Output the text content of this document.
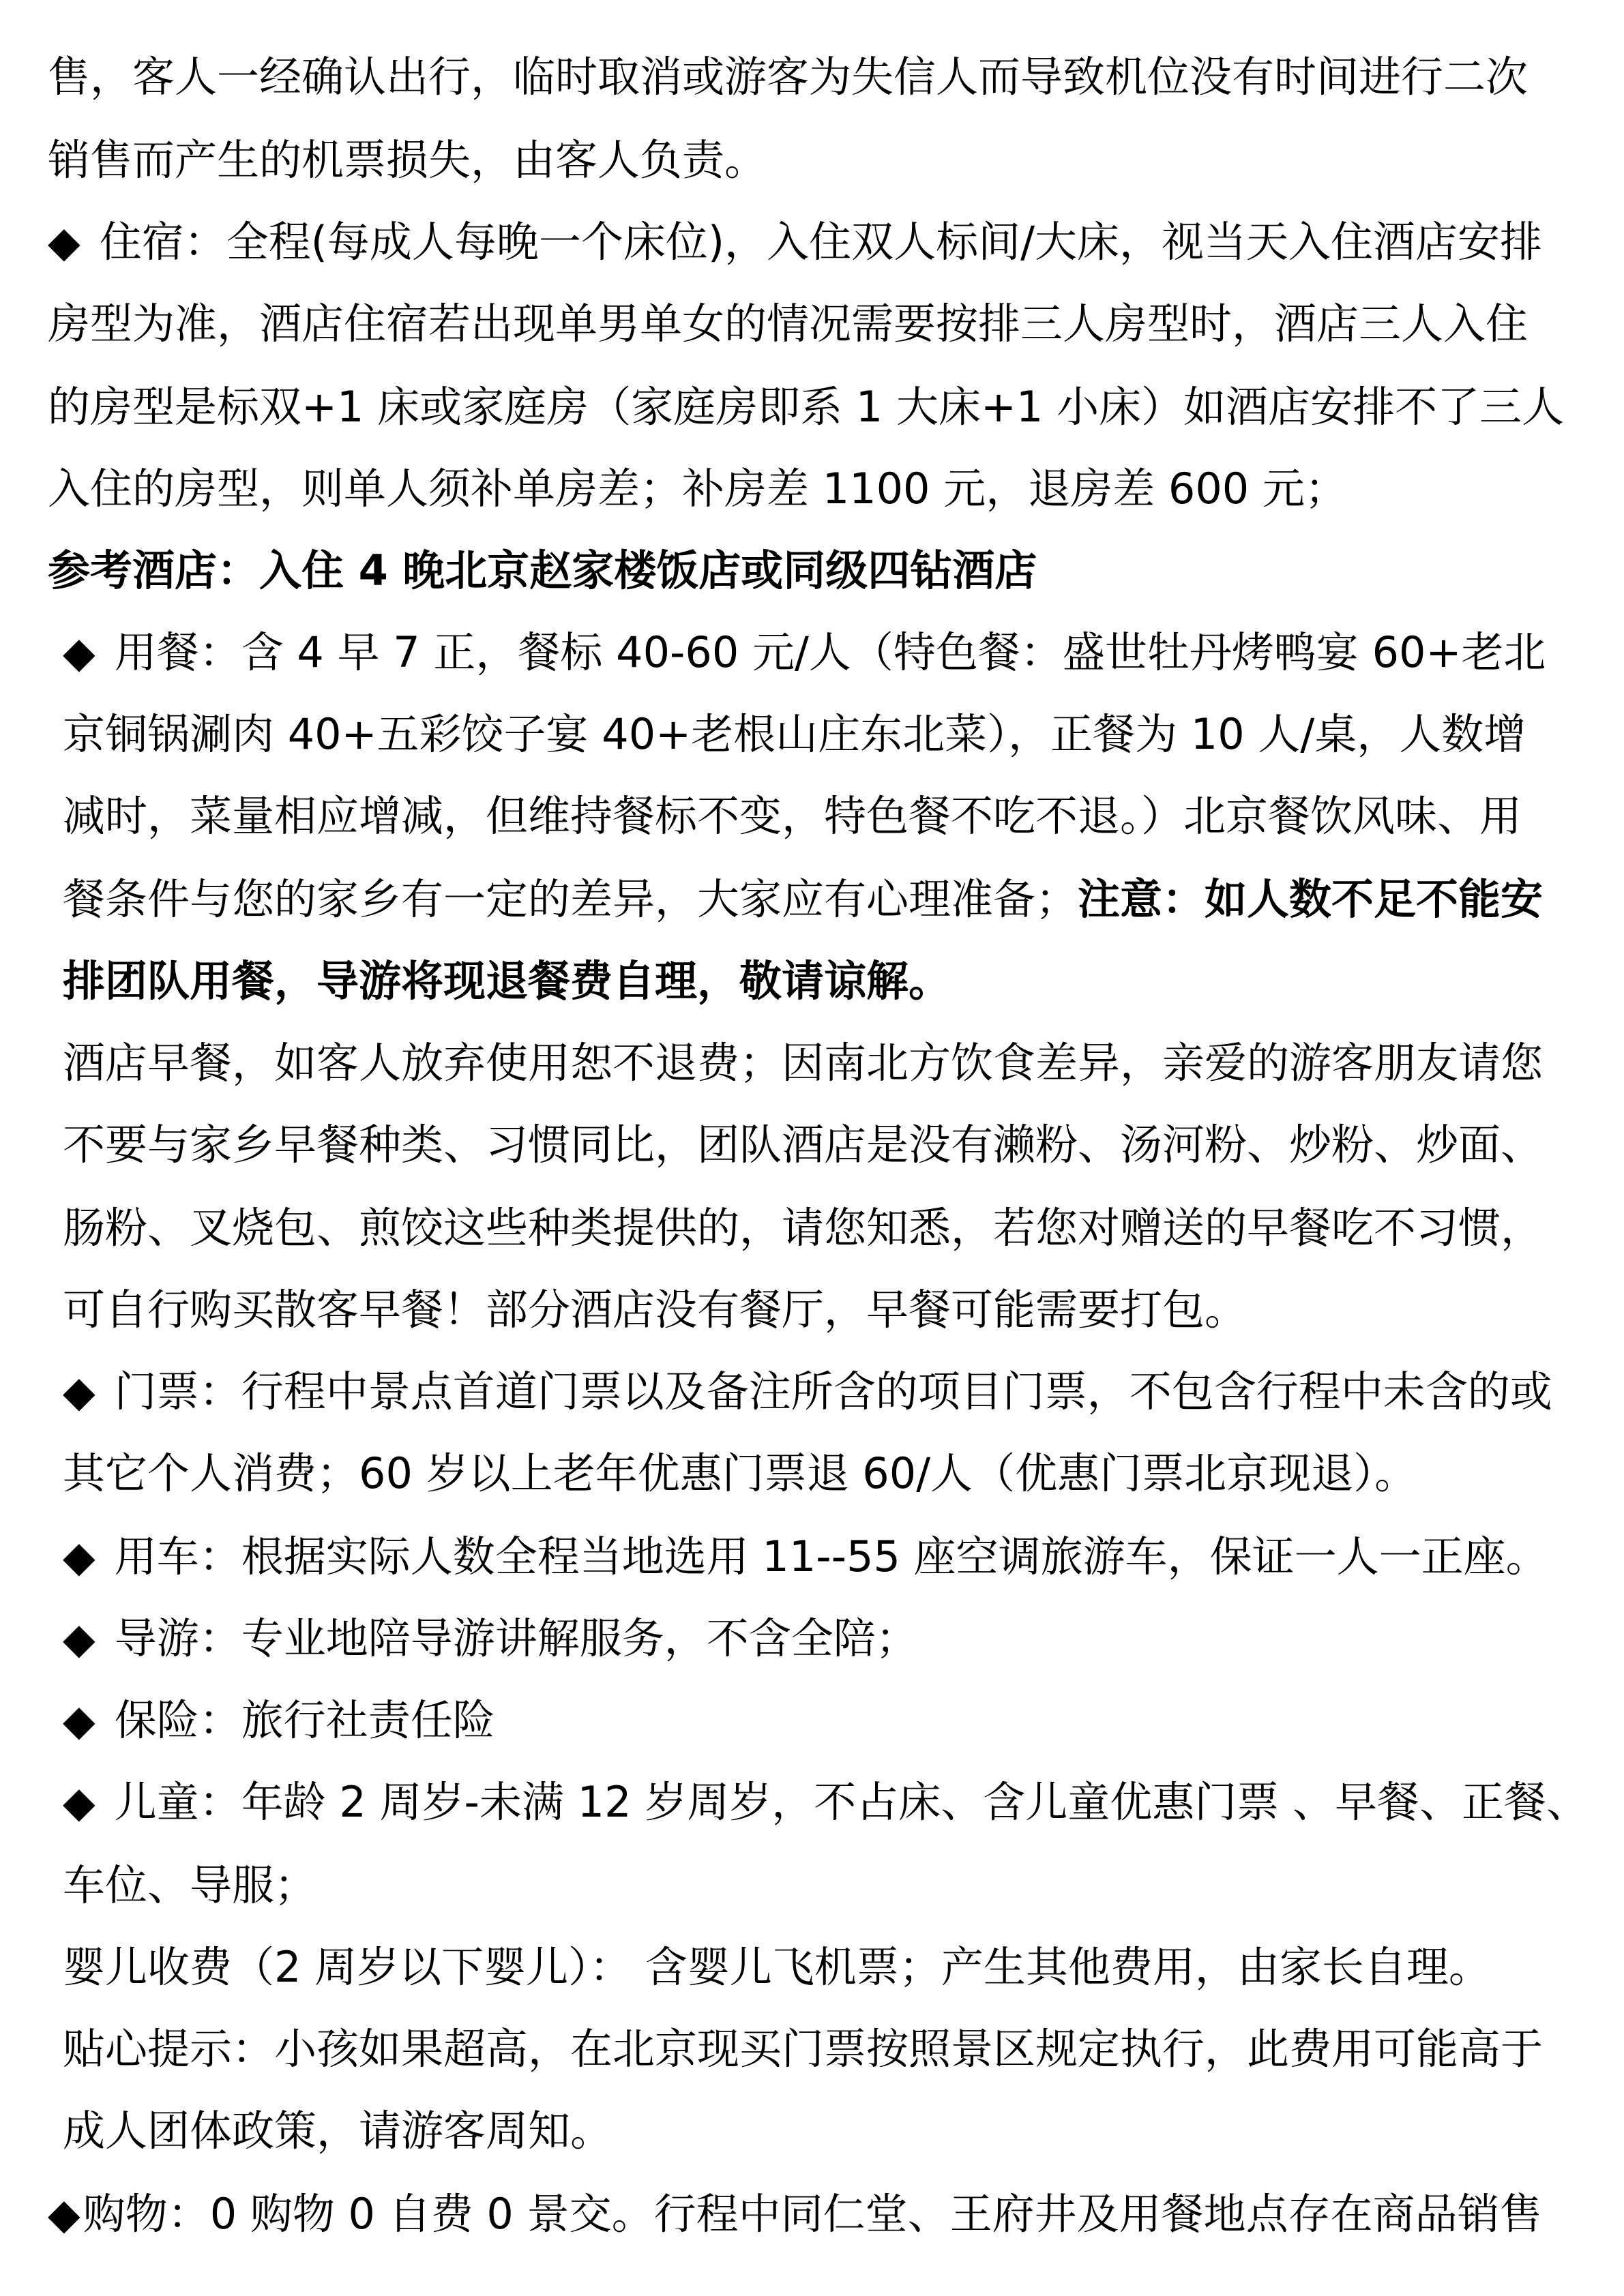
售，客人一经确认出行，临时取消或游客为失信人而导致机位没有时间进行二次
销售而产生的机票损失，由客人负责。
◆ 住宿：全程(每成人每晚一个床位)，入住双人标间/大床，视当天入住酒店安排
房型为准，酒店住宿若出现单男单女的情况需要按排三人房型时，酒店三人入住
的房型是标双+1 床或家庭房（家庭房即系 1 大床+1 小床）如酒店安排不了三人
入住的房型，则单人须补单房差；补房差 1100 元，退房差 600 元；
参考酒店：入住 4 晚北京赵家楼饭店或同级四钻酒店
◆ 用餐：含 4 早 7 正，餐标 40-60 元/人（特色餐：盛世牡丹烤鸭宴 60+老北
京铜锅涮肉 40+五彩饺子宴 40+老根山庄东北菜），正餐为 10 人/桌，人数增
减时，菜量相应增减，但维持餐标不变，特色餐不吃不退。）北京餐饮风味、用
餐条件与您的家乡有一定的差异，大家应有心理准备；注意：如人数不足不能安
排团队用餐，导游将现退餐费自理，敬请谅解。
酒店早餐，如客人放弃使用恕不退费；因南北方饮食差异，亲爱的游客朋友请您
不要与家乡早餐种类、习惯同比，团队酒店是没有濑粉、汤河粉、炒粉、炒面、
肠粉、叉烧包、煎饺这些种类提供的，请您知悉，若您对赠送的早餐吃不习惯，
可自行购买散客早餐！部分酒店没有餐厅，早餐可能需要打包。
◆ 门票：行程中景点首道门票以及备注所含的项目门票，不包含行程中未含的或
其它个人消费；60 岁以上老年优惠门票退 60/人（优惠门票北京现退）。
◆ 用车：根据实际人数全程当地选用 11--55 座空调旅游车，保证一人一正座。
◆ 导游：专业地陪导游讲解服务，不含全陪；
◆ 保险：旅行社责任险
◆ 儿童：年龄 2 周岁-未满 12 岁周岁，不占床、含儿童优惠门票 、早餐、正餐、
车位、导服；
婴儿收费（2 周岁以下婴儿）： 含婴儿飞机票；产生其他费用，由家长自理。
贴心提示：小孩如果超高，在北京现买门票按照景区规定执行，此费用可能高于
成人团体政策，请游客周知。
◆购物：0 购物 0 自费 0 景交。行程中同仁堂、王府井及用餐地点存在商品销售
